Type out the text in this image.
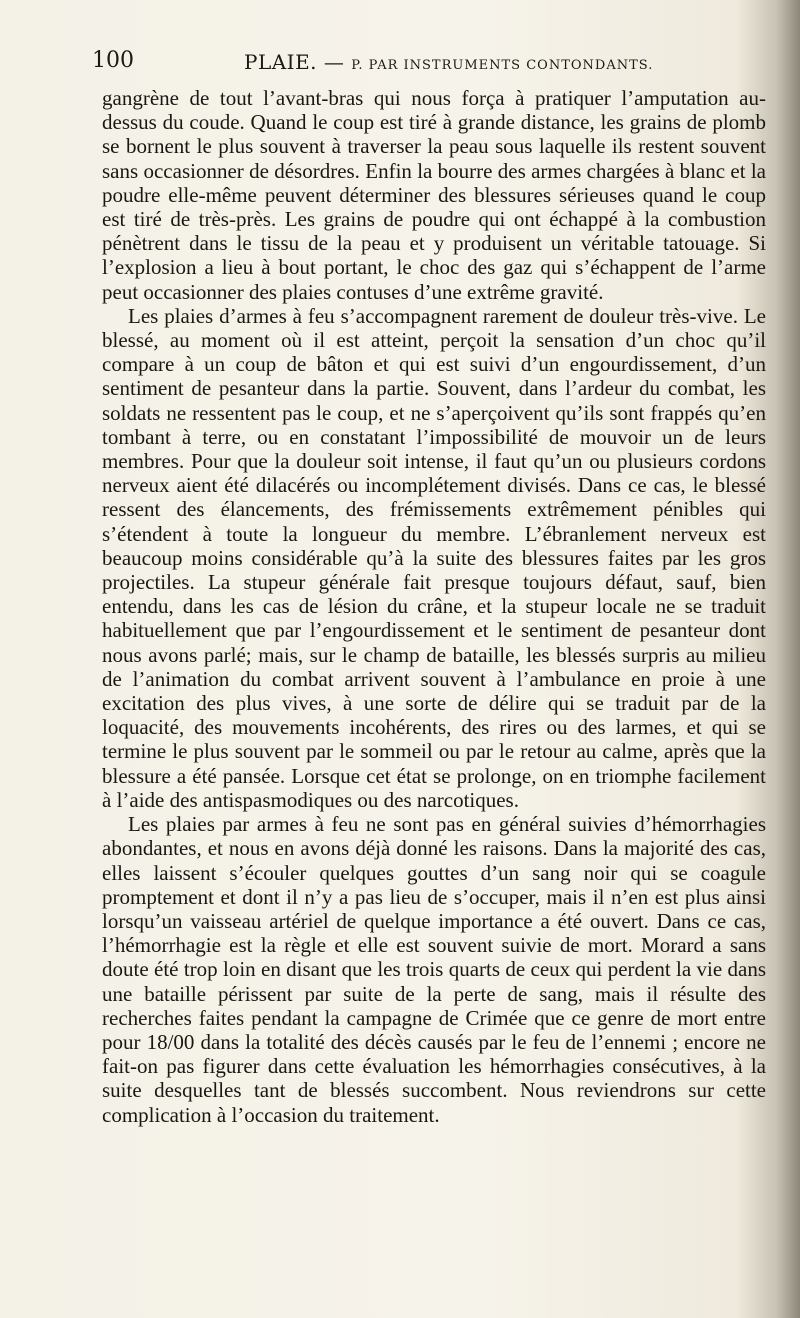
100	PLAIE. — P. PAR INSTRUMENTS CONTONDANTS.

gangrène de tout l’avant-bras qui nous força à pratiquer l’amputation au-dessus du coude. Quand le coup est tiré à grande distance, les grains de plomb se bornent le plus souvent à traverser la peau sous laquelle ils restent souvent sans occasionner de désordres. Enfin la bourre des armes chargées à blanc et la poudre elle-même peuvent déterminer des blessures sérieuses quand le coup est tiré de très-près. Les grains de poudre qui ont échappé à la combustion pénètrent dans le tissu de la peau et y produisent un véritable tatouage. Si l’explosion a lieu à bout portant, le choc des gaz qui s’échappent de l’arme peut occasionner des plaies contuses d’une extrême gravité.

Les plaies d’armes à feu s’accompagnent rarement de douleur très-vive. Le blessé, au moment où il est atteint, perçoit la sensation d’un choc qu’il compare à un coup de bâton et qui est suivi d’un engourdissement, d’un sentiment de pesanteur dans la partie. Souvent, dans l’ardeur du combat, les soldats ne ressentent pas le coup, et ne s’aperçoivent qu’ils sont frappés qu’en tombant à terre, ou en constatant l’impossibilité de mouvoir un de leurs membres. Pour que la douleur soit intense, il faut qu’un ou plusieurs cordons nerveux aient été dilacérés ou incomplétement divisés. Dans ce cas, le blessé ressent des élancements, des frémissements extrêmement pénibles qui s’étendent à toute la longueur du membre. L’ébranlement nerveux est beaucoup moins considérable qu’à la suite des blessures faites par les gros projectiles. La stupeur générale fait presque toujours défaut, sauf, bien entendu, dans les cas de lésion du crâne, et la stupeur locale ne se traduit habituellement que par l’engourdissement et le sentiment de pesanteur dont nous avons parlé; mais, sur le champ de bataille, les blessés surpris au milieu de l’animation du combat arrivent souvent à l’ambulance en proie à une excitation des plus vives, à une sorte de délire qui se traduit par de la loquacité, des mouvements incohérents, des rires ou des larmes, et qui se termine le plus souvent par le sommeil ou par le retour au calme, après que la blessure a été pansée. Lorsque cet état se prolonge, on en triomphe facilement à l’aide des antispasmodiques ou des narcotiques.

Les plaies par armes à feu ne sont pas en général suivies d’hémorrhagies abondantes, et nous en avons déjà donné les raisons. Dans la majorité des cas, elles laissent s’écouler quelques gouttes d’un sang noir qui se coagule promptement et dont il n’y a pas lieu de s’occuper, mais il n’en est plus ainsi lorsqu’un vaisseau artériel de quelque importance a été ouvert. Dans ce cas, l’hémorrhagie est la règle et elle est souvent suivie de mort. Morard a sans doute été trop loin en disant que les trois quarts de ceux qui perdent la vie dans une bataille périssent par suite de la perte de sang, mais il résulte des recherches faites pendant la campagne de Crimée que ce genre de mort entre pour 18/00 dans la totalité des décès causés par le feu de l’ennemi ; encore ne fait-on pas figurer dans cette évaluation les hémorrhagies consécutives, à la suite desquelles tant de blessés succombent. Nous reviendrons sur cette complication à l’occasion du traitement.
